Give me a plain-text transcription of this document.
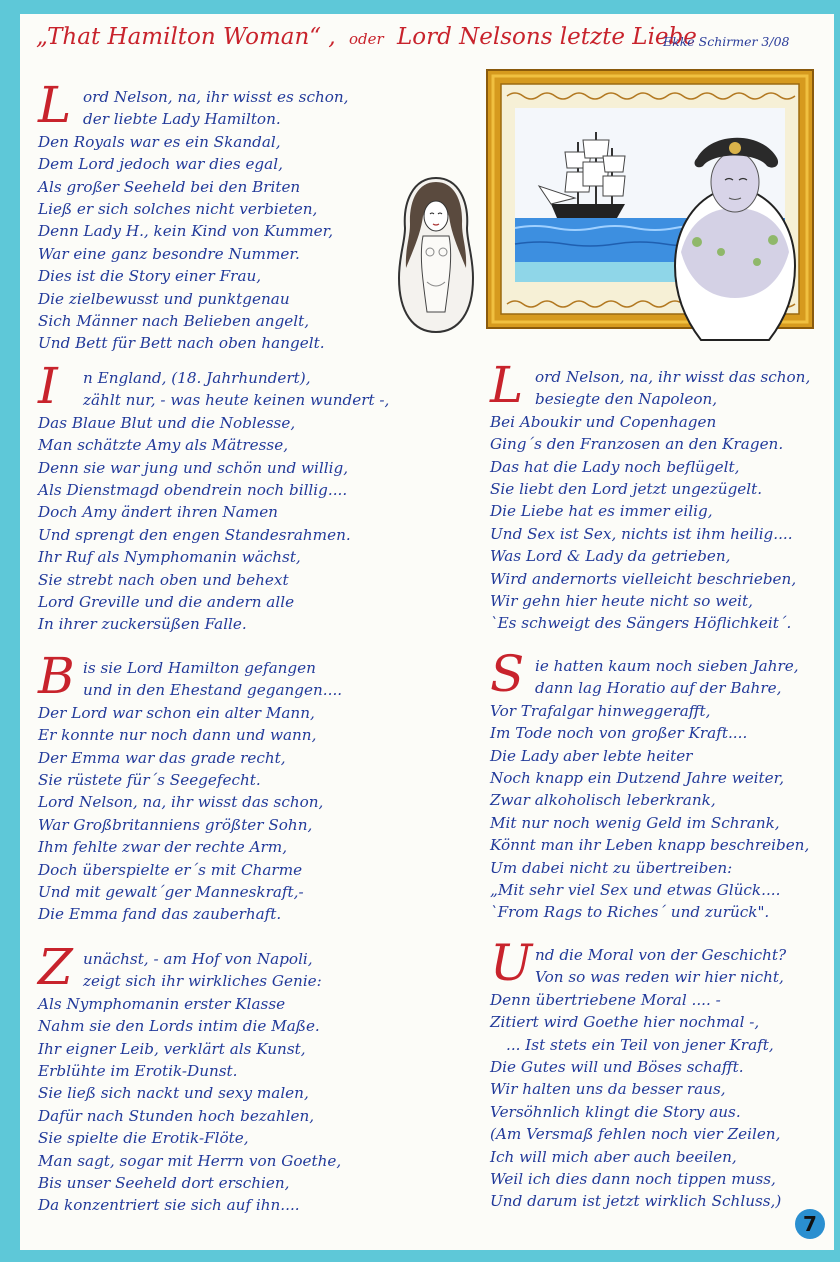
„That Hamilton Woman“ , oder Lord Nelsons letzte Liebe
Ekke Schirmer 3/08
L ord Nelson, na, ihr wisst es schon,
der liebte Lady Hamilton.
Den Royals war es ein Skandal,
Dem Lord jedoch war dies egal,
Als großer Seeheld bei den Briten
Ließ er sich solches nicht verbieten,
Denn Lady H., kein Kind von Kummer,
War eine ganz besondre Nummer.
Dies ist die Story einer Frau,
Die zielbewusst und punktgenau
Sich Männer nach Belieben angelt,
Und Bett für Bett nach oben hangelt.
I	n England, (18. Jahrhundert),
zählt nur, - was heute keinen wundert -,
Das Blaue Blut und die Noblesse,
Man schätzte Amy als Mätresse,
Denn sie war jung und schön und willig,
Als Dienstmagd obendrein noch billig....
Doch Amy ändert ihren Namen
Und sprengt den engen Standesrahmen.
Ihr Ruf als Nymphomanin wächst,
Sie strebt nach oben und behext
Lord Greville und die andern alle
In ihrer zuckersüßen Falle.
B is sie Lord Hamilton gefangen
und in den Ehestand gegangen....
Der Lord war schon ein alter Mann,
Er konnte nur noch dann und wann,
Der Emma war das grade recht,
Sie rüstete für´s Seegefecht.
Lord Nelson, na, ihr wisst das schon,
War Großbritanniens größter Sohn,
Ihm fehlte zwar der rechte Arm,
Doch überspielte er´s mit Charme
Und mit gewalt´ger Manneskraft,-
Die Emma fand das zauberhaft.
Z unächst, - am Hof von Napoli,
zeigt sich ihr wirkliches Genie:
Als Nymphomanin erster Klasse
Nahm sie den Lords intim die Maße.
Ihr eigner Leib, verklärt als Kunst,
Erblühte im Erotik-Dunst.
Sie ließ sich nackt und sexy malen,
Dafür nach Stunden hoch bezahlen,
Sie spielte die Erotik-Flöte,
Man sagt, sogar mit Herrn von Goethe,
Bis unser Seeheld dort erschien,
Da konzentriert sie sich auf ihn....
L ord Nelson, na, ihr wisst das schon,
besiegte den Napoleon,
Bei Aboukir und Copenhagen
Ging´s den Franzosen an den Kragen.
Das hat die Lady noch beflügelt,
Sie liebt den Lord jetzt ungezügelt.
Die Liebe hat es immer eilig,
Und Sex ist Sex, nichts ist ihm heilig....
Was Lord & Lady da getrieben,
Wird andernorts vielleicht beschrieben,
Wir gehn hier heute nicht so weit,
`Es schweigt des Sängers Höflichkeit´.
S ie hatten kaum noch sieben Jahre,
dann lag Horatio auf der Bahre,
Vor Trafalgar hinweggerafft,
Im Tode noch von großer Kraft....
Die Lady aber lebte heiter
Noch knapp ein Dutzend Jahre weiter,
Zwar alkoholisch leberkrank,
Mit nur noch wenig Geld im Schrank,
Könnt man ihr Leben knapp beschreiben,
Um dabei nicht zu übertreiben:
„Mit sehr viel Sex und etwas Glück....
`From Rags to Riches´ und zurück".
U nd die Moral von der Geschicht?
Von so was reden wir hier nicht,
Denn übertriebene Moral .... -
Zitiert wird Goethe hier nochmal -,
... Ist stets ein Teil von jener Kraft,
Die Gutes will und Böses schafft.
Wir halten uns da besser raus,
Versöhnlich klingt die Story aus.
(Am Versmaß fehlen noch vier Zeilen,
Ich will mich aber auch beeilen,
Weil ich dies dann noch tippen muss,
Und darum ist jetzt wirklich Schluss,)
7
